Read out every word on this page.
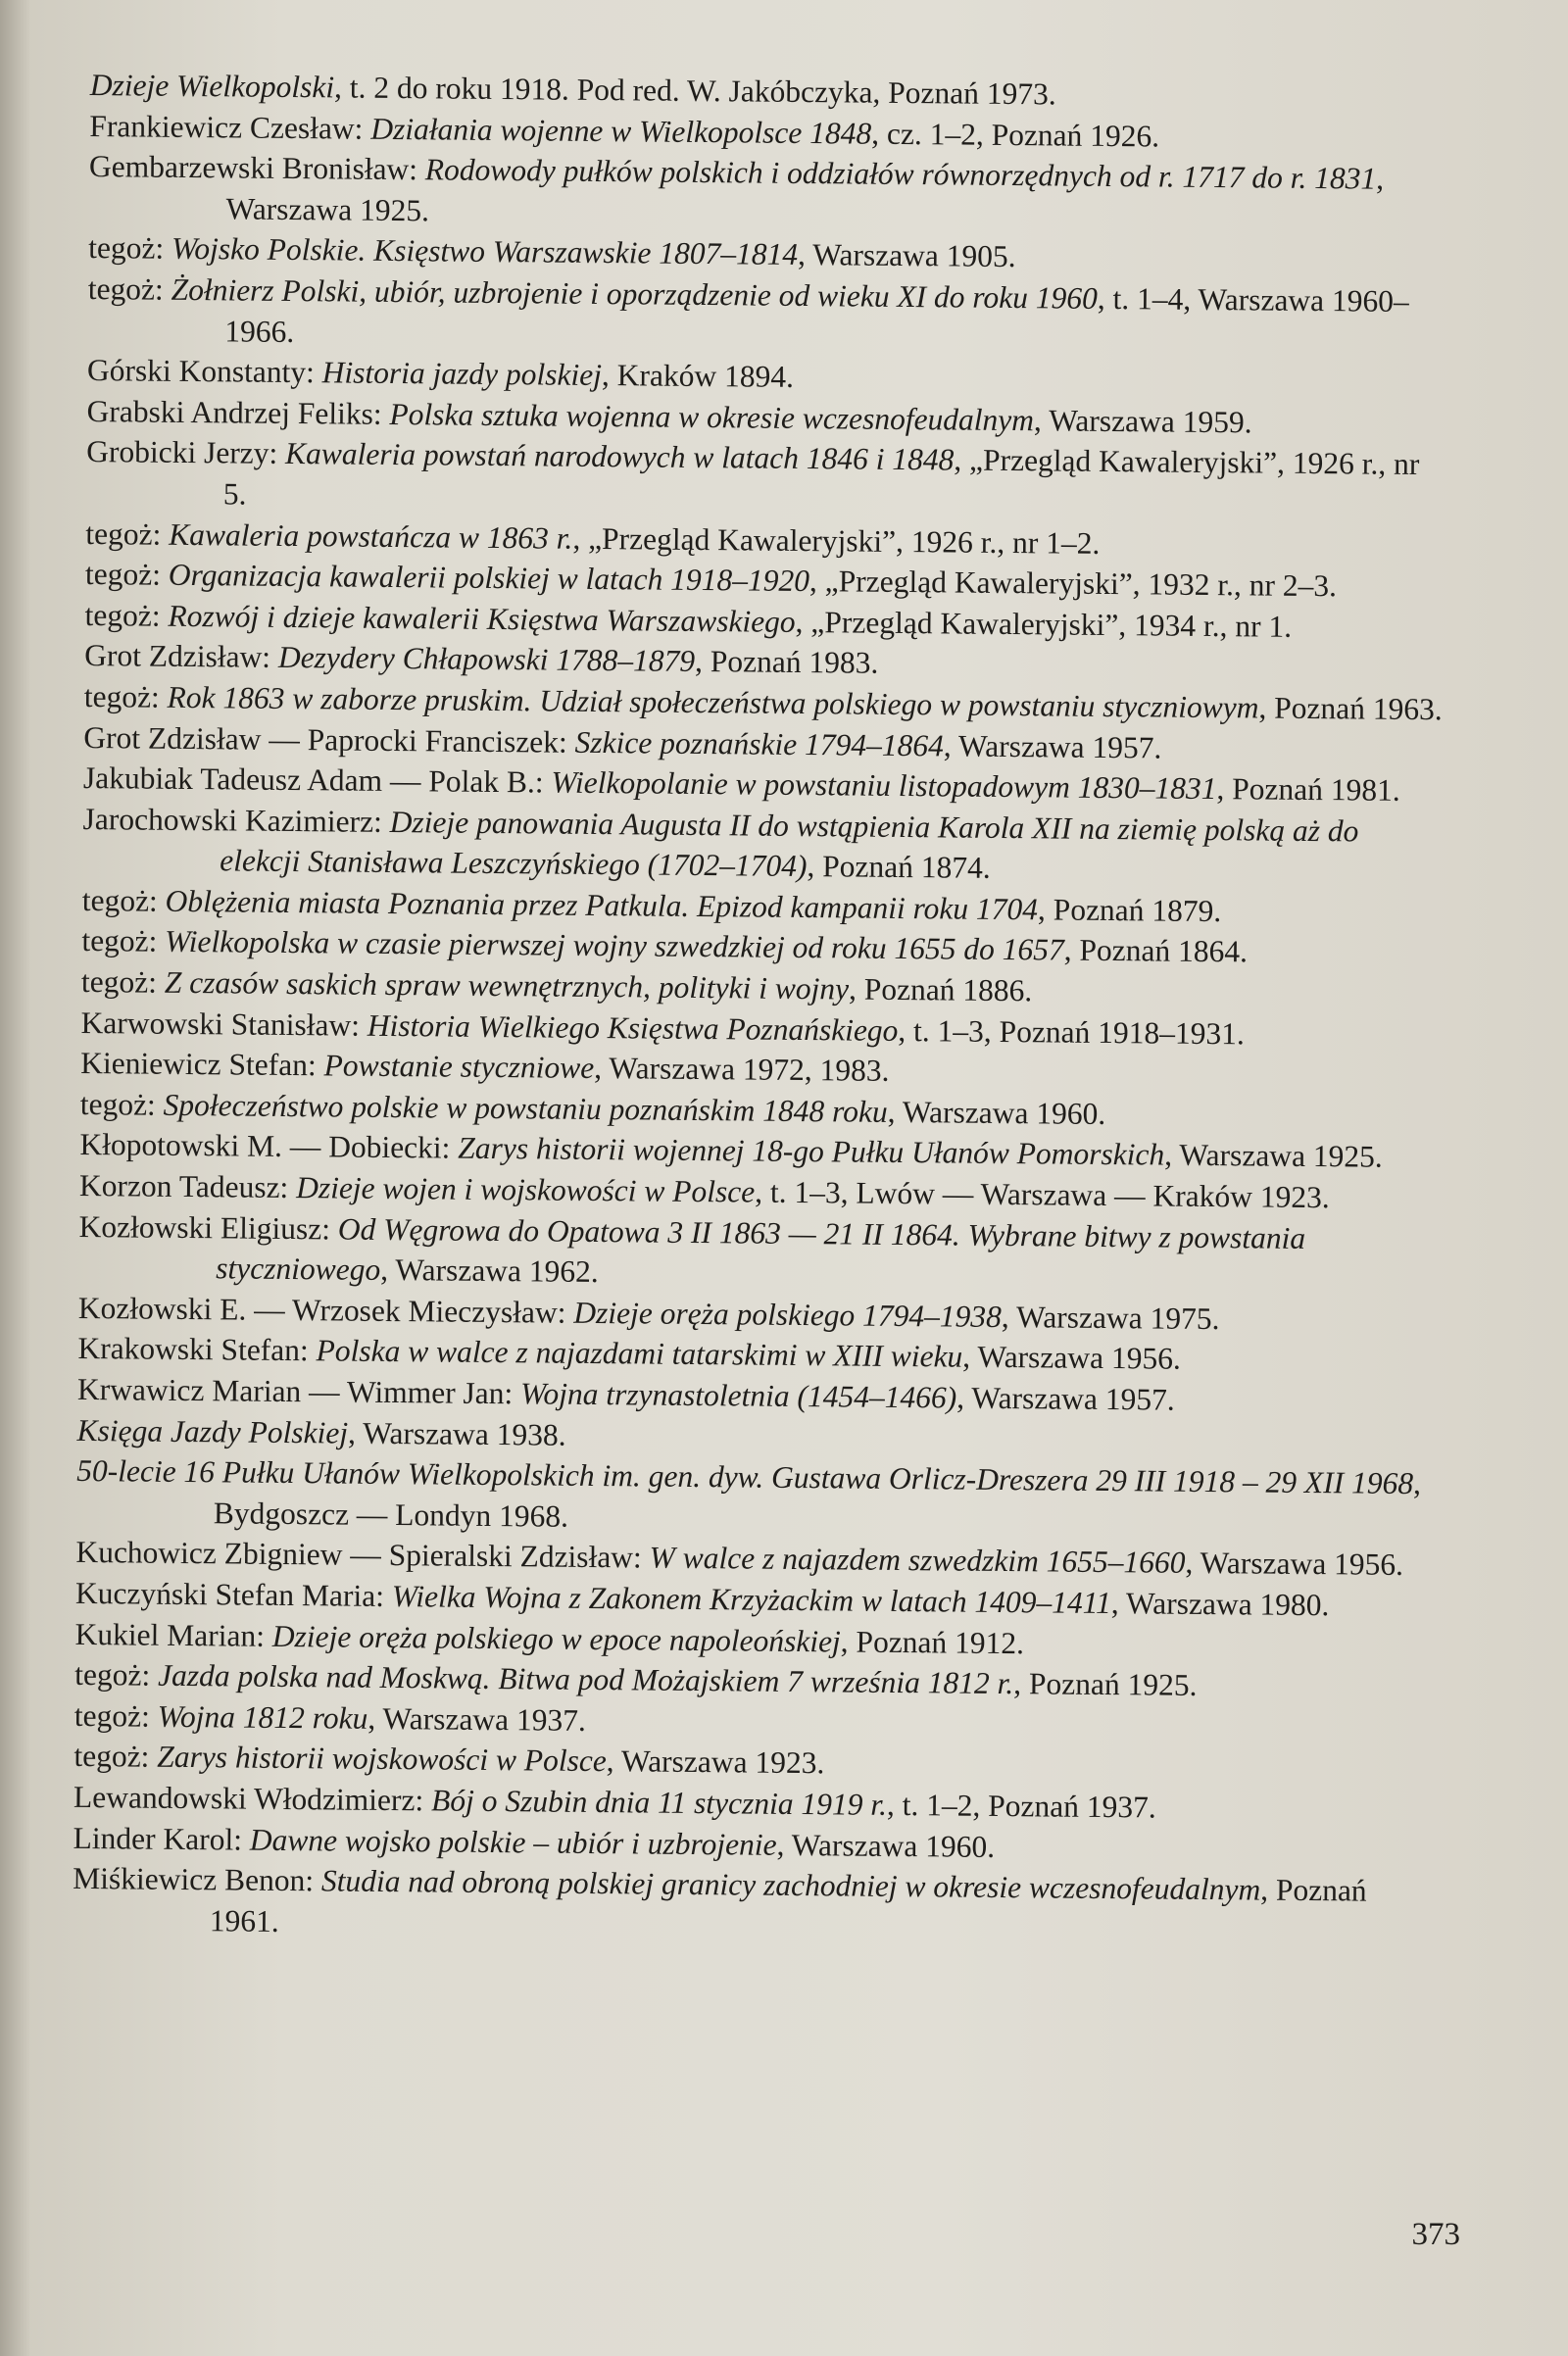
Dzieje Wielkopolski, t. 2 do roku 1918. Pod red. W. Jakóbczyka, Poznań 1973.
Frankiewicz Czesław: Działania wojenne w Wielkopolsce 1848, cz. 1–2, Poznań 1926.
Gembarzewski Bronisław: Rodowody pułków polskich i oddziałów równorzędnych od r. 1717 do r. 1831, Warszawa 1925.
tegoż: Wojsko Polskie. Księstwo Warszawskie 1807–1814, Warszawa 1905.
tegoż: Żołnierz Polski, ubiór, uzbrojenie i oporządzenie od wieku XI do roku 1960, t. 1–4, Warszawa 1960–1966.
Górski Konstanty: Historia jazdy polskiej, Kraków 1894.
Grabski Andrzej Feliks: Polska sztuka wojenna w okresie wczesnofeudalnym, Warszawa 1959.
Grobicki Jerzy: Kawaleria powstań narodowych w latach 1846 i 1848, „Przegląd Kawaleryjski”, 1926 r., nr 5.
tegoż: Kawaleria powstańcza w 1863 r., „Przegląd Kawaleryjski”, 1926 r., nr 1–2.
tegoż: Organizacja kawalerii polskiej w latach 1918–1920, „Przegląd Kawaleryjski”, 1932 r., nr 2–3.
tegoż: Rozwój i dzieje kawalerii Księstwa Warszawskiego, „Przegląd Kawaleryjski”, 1934 r., nr 1.
Grot Zdzisław: Dezydery Chłapowski 1788–1879, Poznań 1983.
tegoż: Rok 1863 w zaborze pruskim. Udział społeczeństwa polskiego w powstaniu styczniowym, Poznań 1963.
Grot Zdzisław — Paprocki Franciszek: Szkice poznańskie 1794–1864, Warszawa 1957.
Jakubiak Tadeusz Adam — Polak B.: Wielkopolanie w powstaniu listopadowym 1830–1831, Poznań 1981.
Jarochowski Kazimierz: Dzieje panowania Augusta II do wstąpienia Karola XII na ziemię polską aż do elekcji Stanisława Leszczyńskiego (1702–1704), Poznań 1874.
tegoż: Oblężenia miasta Poznania przez Patkula. Epizod kampanii roku 1704, Poznań 1879.
tegoż: Wielkopolska w czasie pierwszej wojny szwedzkiej od roku 1655 do 1657, Poznań 1864.
tegoż: Z czasów saskich spraw wewnętrznych, polityki i wojny, Poznań 1886.
Karwowski Stanisław: Historia Wielkiego Księstwa Poznańskiego, t. 1–3, Poznań 1918–1931.
Kieniewicz Stefan: Powstanie styczniowe, Warszawa 1972, 1983.
tegoż: Społeczeństwo polskie w powstaniu poznańskim 1848 roku, Warszawa 1960.
Kłopotowski M. — Dobiecki: Zarys historii wojennej 18-go Pułku Ułanów Pomorskich, Warszawa 1925.
Korzon Tadeusz: Dzieje wojen i wojskowości w Polsce, t. 1–3, Lwów — Warszawa — Kraków 1923.
Kozłowski Eligiusz: Od Węgrowa do Opatowa 3 II 1863 — 21 II 1864. Wybrane bitwy z powstania styczniowego, Warszawa 1962.
Kozłowski E. — Wrzosek Mieczysław: Dzieje oręża polskiego 1794–1938, Warszawa 1975.
Krakowski Stefan: Polska w walce z najazdami tatarskimi w XIII wieku, Warszawa 1956.
Krwawicz Marian — Wimmer Jan: Wojna trzynastoletnia (1454–1466), Warszawa 1957.
Księga Jazdy Polskiej, Warszawa 1938.
50-lecie 16 Pułku Ułanów Wielkopolskich im. gen. dyw. Gustawa Orlicz-Dreszera 29 III 1918 – 29 XII 1968, Bydgoszcz — Londyn 1968.
Kuchowicz Zbigniew — Spieralski Zdzisław: W walce z najazdem szwedzkim 1655–1660, Warszawa 1956.
Kuczyński Stefan Maria: Wielka Wojna z Zakonem Krzyżackim w latach 1409–1411, Warszawa 1980.
Kukiel Marian: Dzieje oręża polskiego w epoce napoleońskiej, Poznań 1912.
tegoż: Jazda polska nad Moskwą. Bitwa pod Możajskiem 7 września 1812 r., Poznań 1925.
tegoż: Wojna 1812 roku, Warszawa 1937.
tegoż: Zarys historii wojskowości w Polsce, Warszawa 1923.
Lewandowski Włodzimierz: Bój o Szubin dnia 11 stycznia 1919 r., t. 1–2, Poznań 1937.
Linder Karol: Dawne wojsko polskie – ubiór i uzbrojenie, Warszawa 1960.
Miśkiewicz Benon: Studia nad obroną polskiej granicy zachodniej w okresie wczesnofeudalnym, Poznań 1961.
373
